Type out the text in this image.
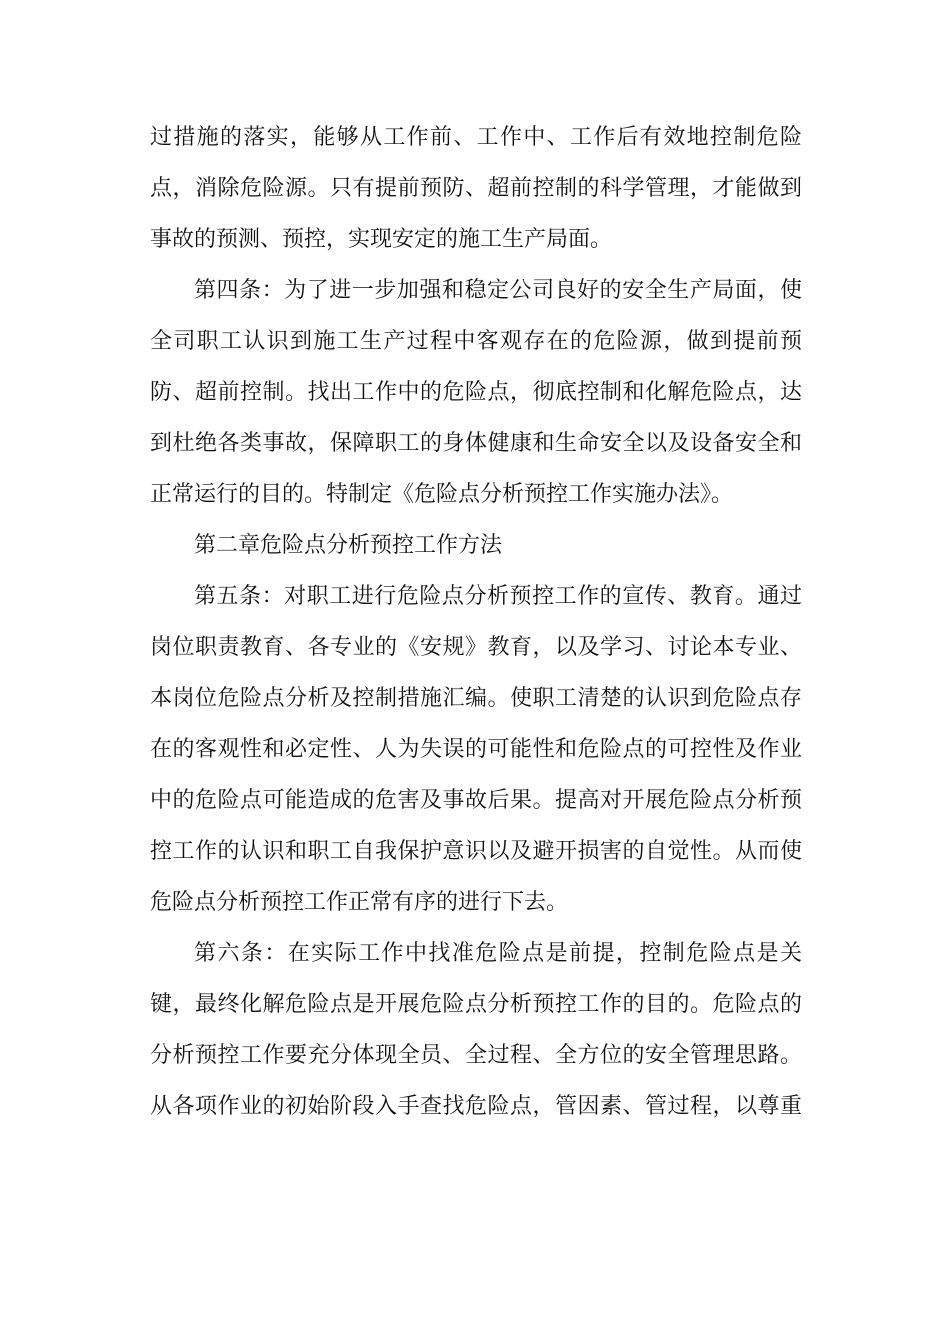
过措施的落实，能够从工作前、工作中、工作后有效地控制危险
点，消除危险源。只有提前预防、超前控制的科学管理，才能做到
事故的预测、预控，实现安定的施工生产局面。
第四条：为了进一步加强和稳定公司良好的安全生产局面，使
全司职工认识到施工生产过程中客观存在的危险源，做到提前预
防、超前控制。找出工作中的危险点，彻底控制和化解危险点，达
到杜绝各类事故，保障职工的身体健康和生命安全以及设备安全和
正常运行的目的。特制定《危险点分析预控工作实施办法》。
第二章危险点分析预控工作方法
第五条：对职工进行危险点分析预控工作的宣传、教育。通过
岗位职责教育、各专业的《安规》教育，以及学习、讨论本专业、
本岗位危险点分析及控制措施汇编。使职工清楚的认识到危险点存
在的客观性和必定性、人为失误的可能性和危险点的可控性及作业
中的危险点可能造成的危害及事故后果。提高对开展危险点分析预
控工作的认识和职工自我保护意识以及避开损害的自觉性。从而使
危险点分析预控工作正常有序的进行下去。
第六条：在实际工作中找准危险点是前提，控制危险点是关
键，最终化解危险点是开展危险点分析预控工作的目的。危险点的
分析预控工作要充分体现全员、全过程、全方位的安全管理思路。
从各项作业的初始阶段入手查找危险点，管因素、管过程，以尊重
